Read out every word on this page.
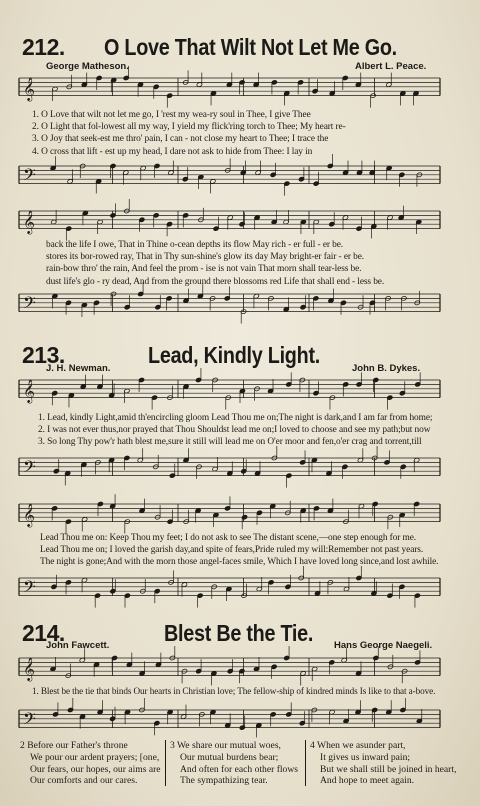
212. O Love That Wilt Not Let Me Go.
George Matheson.	Albert L. Peace.
𝄞
1. O Love that wilt not let me go, I 'rest my wea-ry soul in Thee, I give Thee
2. O Light that fol-lowest all my way, I yield my flick'ring torch to Thee; My heart re-
3. O Joy that seek-est me thro' pain, I can - not close my heart to Thee; I trace the
4. O cross that lift - est up my head, I dare not ask to hide from Thee: I lay in
𝄢
𝄞
back the life I owe, That in Thine o-cean depths its flow May rich - er full - er be.
stores its bor-rowed ray, That in Thy sun-shine's glow its day May bright-er fair - er be.
rain-bow thro' the rain, And feel the prom - ise is not vain That morn shall tear-less be.
dust life's glo - ry dead, And from the ground there blossoms red Life that shall end - less be.
𝄢
213.	Lead, Kindly Light.
J. H. Newman.	John B. Dykes.
𝄞
1. Lead, kindly Light,amid th'encircling gloom Lead Thou me on;The night is dark,and I am far from home;
2. I was not ever thus,nor prayed that Thou Shouldst lead me on;I loved to choose and see my path;but now
3. So long Thy pow'r hath blest me,sure it still will lead me on O'er moor and fen,o'er crag and torrent,till
𝄢
𝄞
Lead Thou me on: Keep Thou my feet; I do not ask to see The distant scene,—one step enough for me.
Lead Thou me on; I loved the garish day,and spite of fears,Pride ruled my will:Remember not past years.
The night is gone;And with the morn those angel-faces smile, Which I have loved long since,and lost awhile.
𝄢
214.	Blest Be the Tie.
John Fawcett.	Hans George Naegeli.
𝄞
1. Blest be the tie that binds Our hearts in Christian love; The fellow-ship of kindred minds Is like to that a-bove.
𝄢
2 Before our Father's throne
We pour our ardent prayers; [one,
Our fears, our hopes, our aims are
Our comforts and our cares.
3 We share our mutual woes,
Our mutual burdens bear;
And often for each other flows
The sympathizing tear.
4 When we asunder part,
It gives us inward pain;
But we shall still be joined in heart,
And hope to meet again.
